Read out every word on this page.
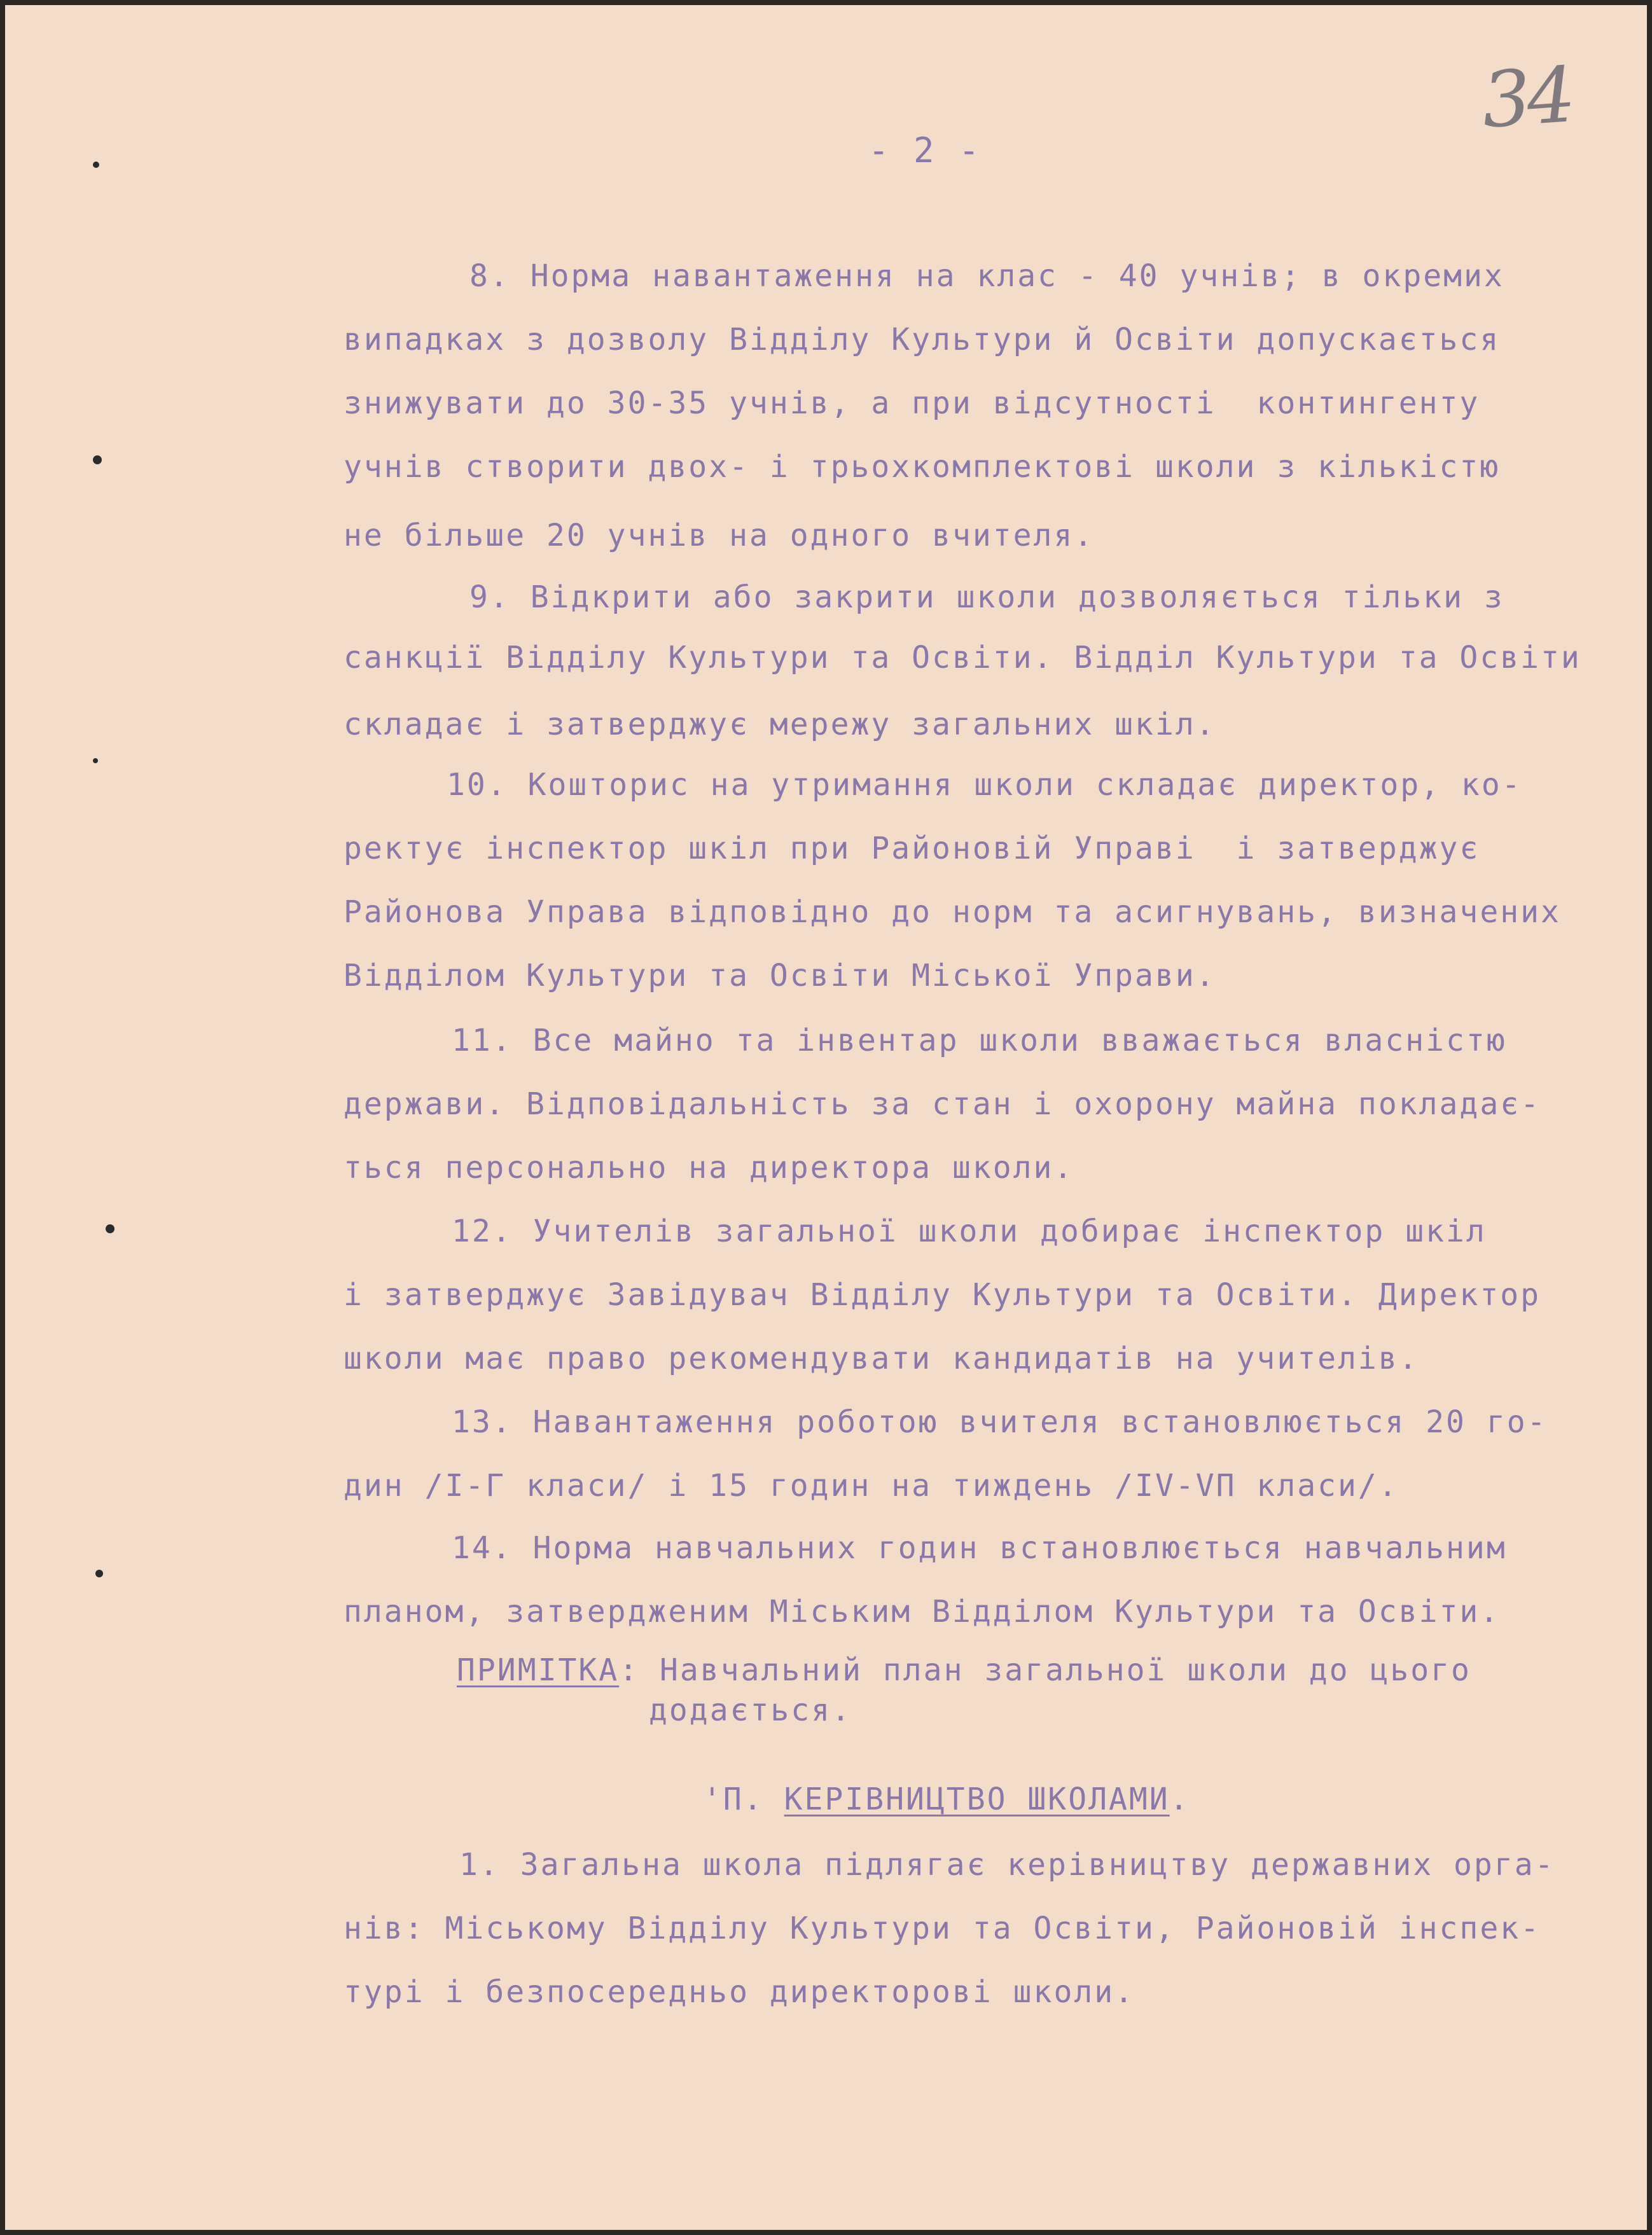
34
- 2 -
8. Норма навантаження на клас - 40 учнів; в окремих
випадках з дозволу Відділу Культури й Освіти допускається
знижувати до 30-35 учнів, а при відсутності  контингенту
учнів створити двох- і трьохкомплектові школи з кількістю
не більше 20 учнів на одного вчителя.
9. Відкрити або закрити школи дозволяється тільки з
санкції Відділу Культури та Освіти. Відділ Культури та Освіти
складає і затверджує мережу загальних шкіл.
10. Кошторис на утримання школи складає директор, ко-
ректує інспектор шкіл при Районовій Управі  і затверджує
Районова Управа відповідно до норм та асигнувань, визначених
Відділом Культури та Освіти Міської Управи.
11. Все майно та інвентар школи вважається власністю
держави. Відповідальність за стан і охорону майна покладає-
ться персонально на директора школи.
12. Учителів загальної школи добирає інспектор шкіл
і затверджує Завідувач Відділу Культури та Освіти. Директор
школи має право рекомендувати кандидатів на учителів.
13. Навантаження роботою вчителя встановлюється 20 го-
дин /І-Г класи/ і 15 годин на тиждень /ІV-VП класи/.
14. Норма навчальних годин встановлюється навчальним
планом, затвердженим Міським Відділом Культури та Освіти.
ПРИМІТКА: Навчальний план загальної школи до цього
додається.
'П. КЕРІВНИЦТВО ШКОЛАМИ.
1. Загальна школа підлягає керівництву державних орга-
нів: Міському Відділу Культури та Освіти, Районовій інспек-
турі і безпосередньо директорові школи.
